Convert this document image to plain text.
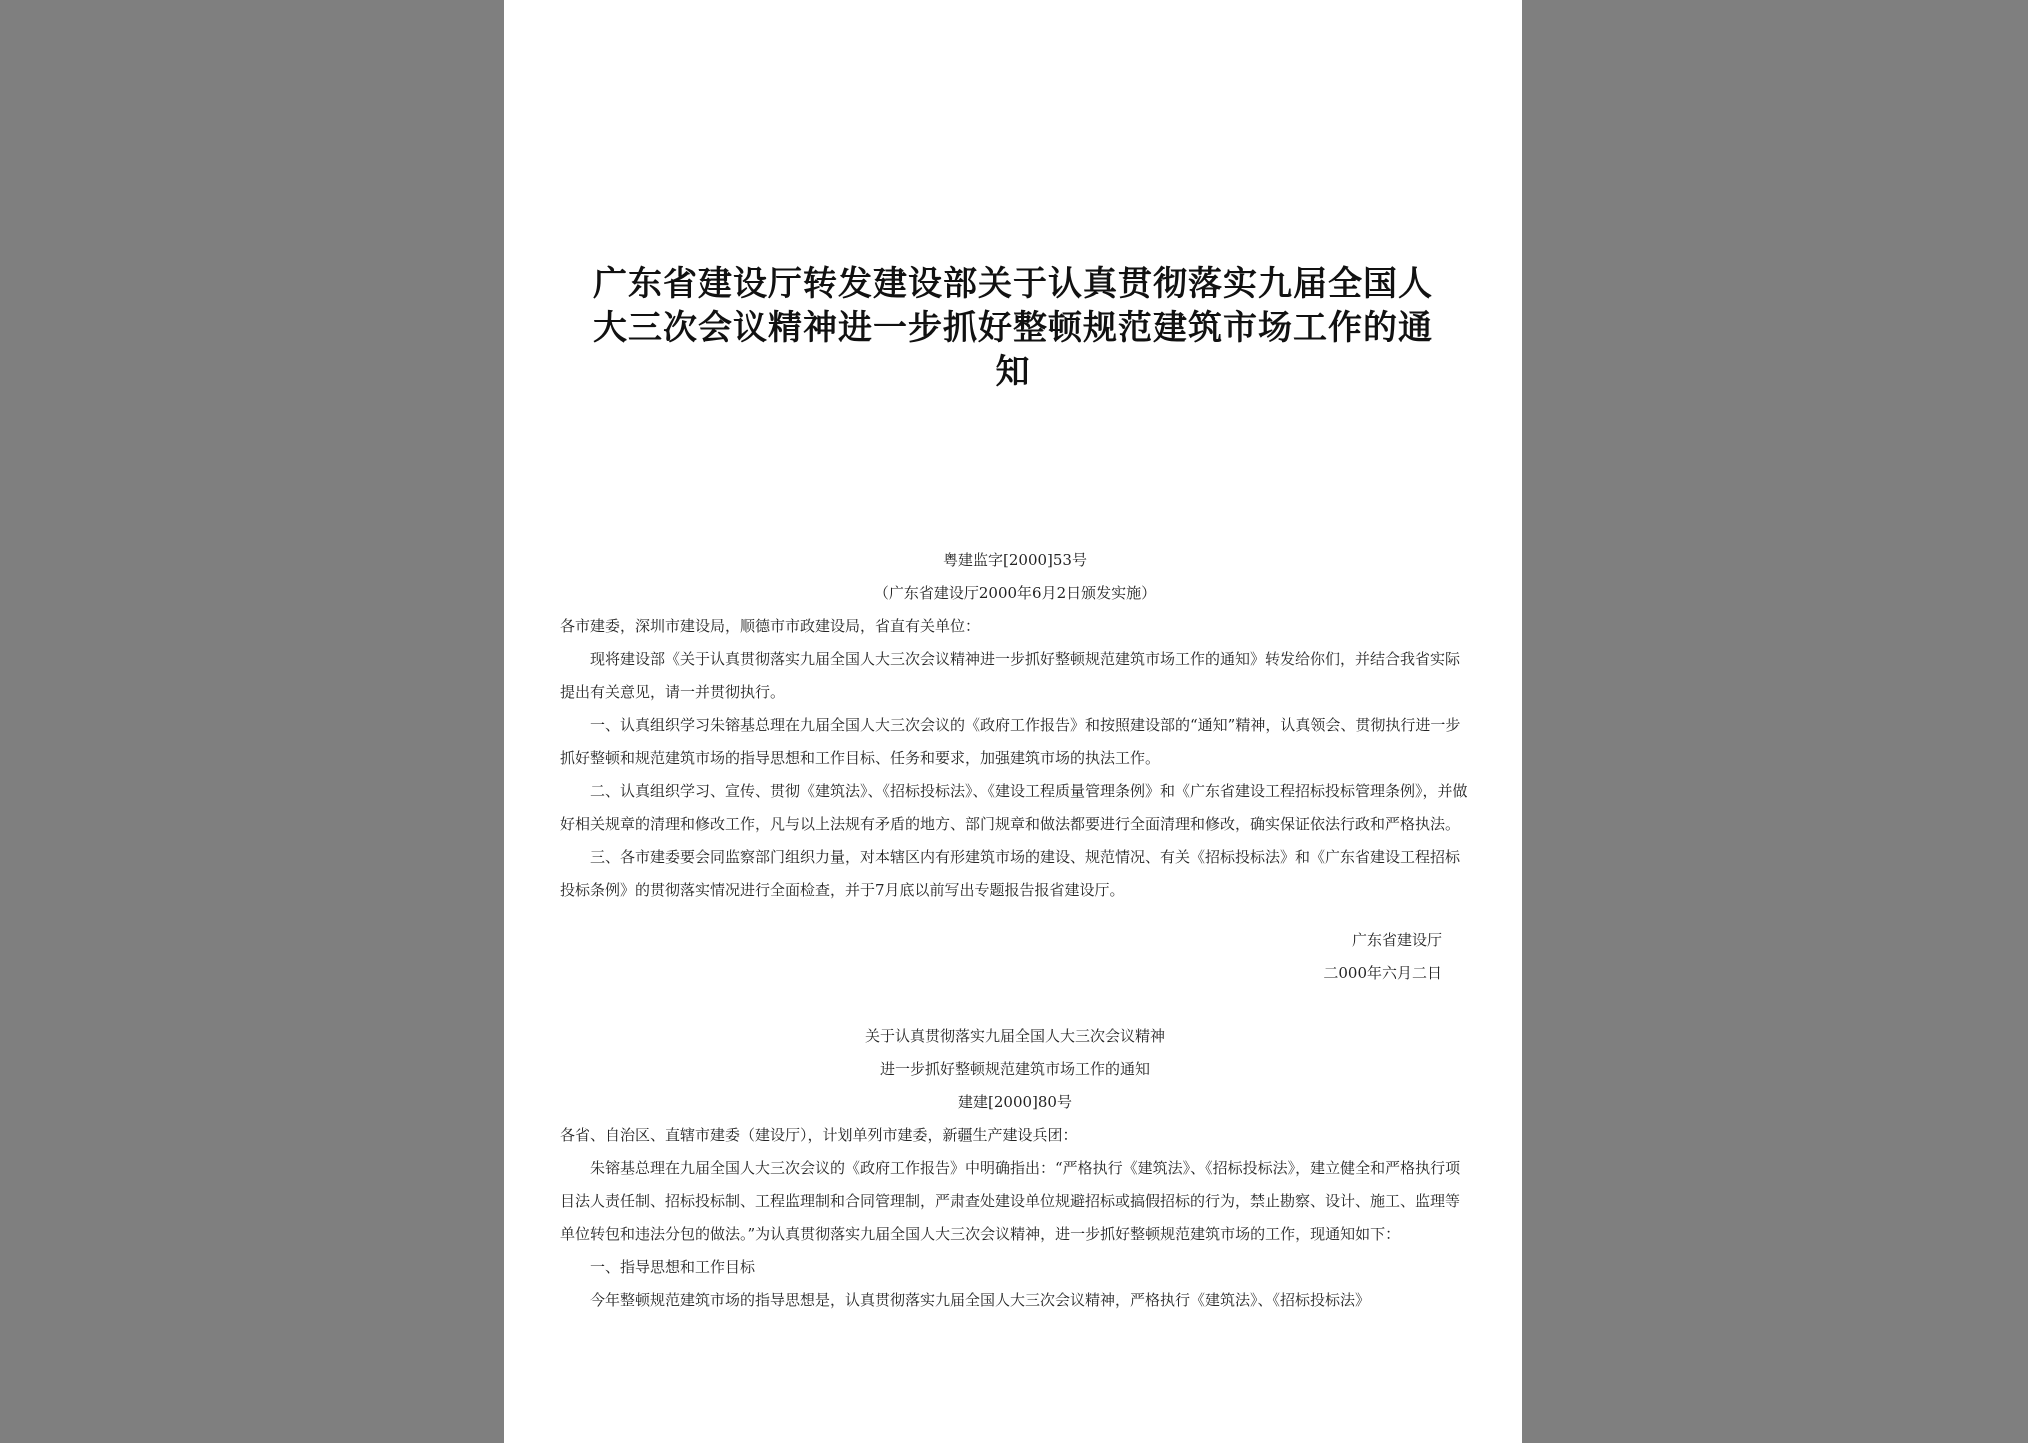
广东省建设厅转发建设部关于认真贯彻落实九届全国人
大三次会议精神进一步抓好整顿规范建筑市场工作的通
知

粤建监字[2000]53号

（广东省建设厅2000年6月2日颁发实施）

各市建委，深圳市建设局，顺德市市政建设局，省直有关单位：

现将建设部《关于认真贯彻落实九届全国人大三次会议精神进一步抓好整顿规范建筑市场工作的通知》转发给你们，并结合我省实际提出有关意见，请一并贯彻执行。

一、认真组织学习朱镕基总理在九届全国人大三次会议的《政府工作报告》和按照建设部的“通知”精神，认真领会、贯彻执行进一步抓好整顿和规范建筑市场的指导思想和工作目标、任务和要求，加强建筑市场的执法工作。

二、认真组织学习、宣传、贯彻《建筑法》、《招标投标法》、《建设工程质量管理条例》和《广东省建设工程招标投标管理条例》，并做好相关规章的清理和修改工作，凡与以上法规有矛盾的地方、部门规章和做法都要进行全面清理和修改，确实保证依法行政和严格执法。

三、各市建委要会同监察部门组织力量，对本辖区内有形建筑市场的建设、规范情况、有关《招标投标法》和《广东省建设工程招标投标条例》的贯彻落实情况进行全面检查，并于7月底以前写出专题报告报省建设厅。

广东省建设厅

二000年六月二日

关于认真贯彻落实九届全国人大三次会议精神

进一步抓好整顿规范建筑市场工作的通知

建建[2000]80号

各省、自治区、直辖市建委（建设厅），计划单列市建委，新疆生产建设兵团：

朱镕基总理在九届全国人大三次会议的《政府工作报告》中明确指出：“严格执行《建筑法》、《招标投标法》，建立健全和严格执行项目法人责任制、招标投标制、工程监理制和合同管理制，严肃查处建设单位规避招标或搞假招标的行为，禁止勘察、设计、施工、监理等单位转包和违法分包的做法。”为认真贯彻落实九届全国人大三次会议精神，进一步抓好整顿规范建筑市场的工作，现通知如下：

一、指导思想和工作目标

今年整顿规范建筑市场的指导思想是，认真贯彻落实九届全国人大三次会议精神，严格执行《建筑法》、《招标投标法》
